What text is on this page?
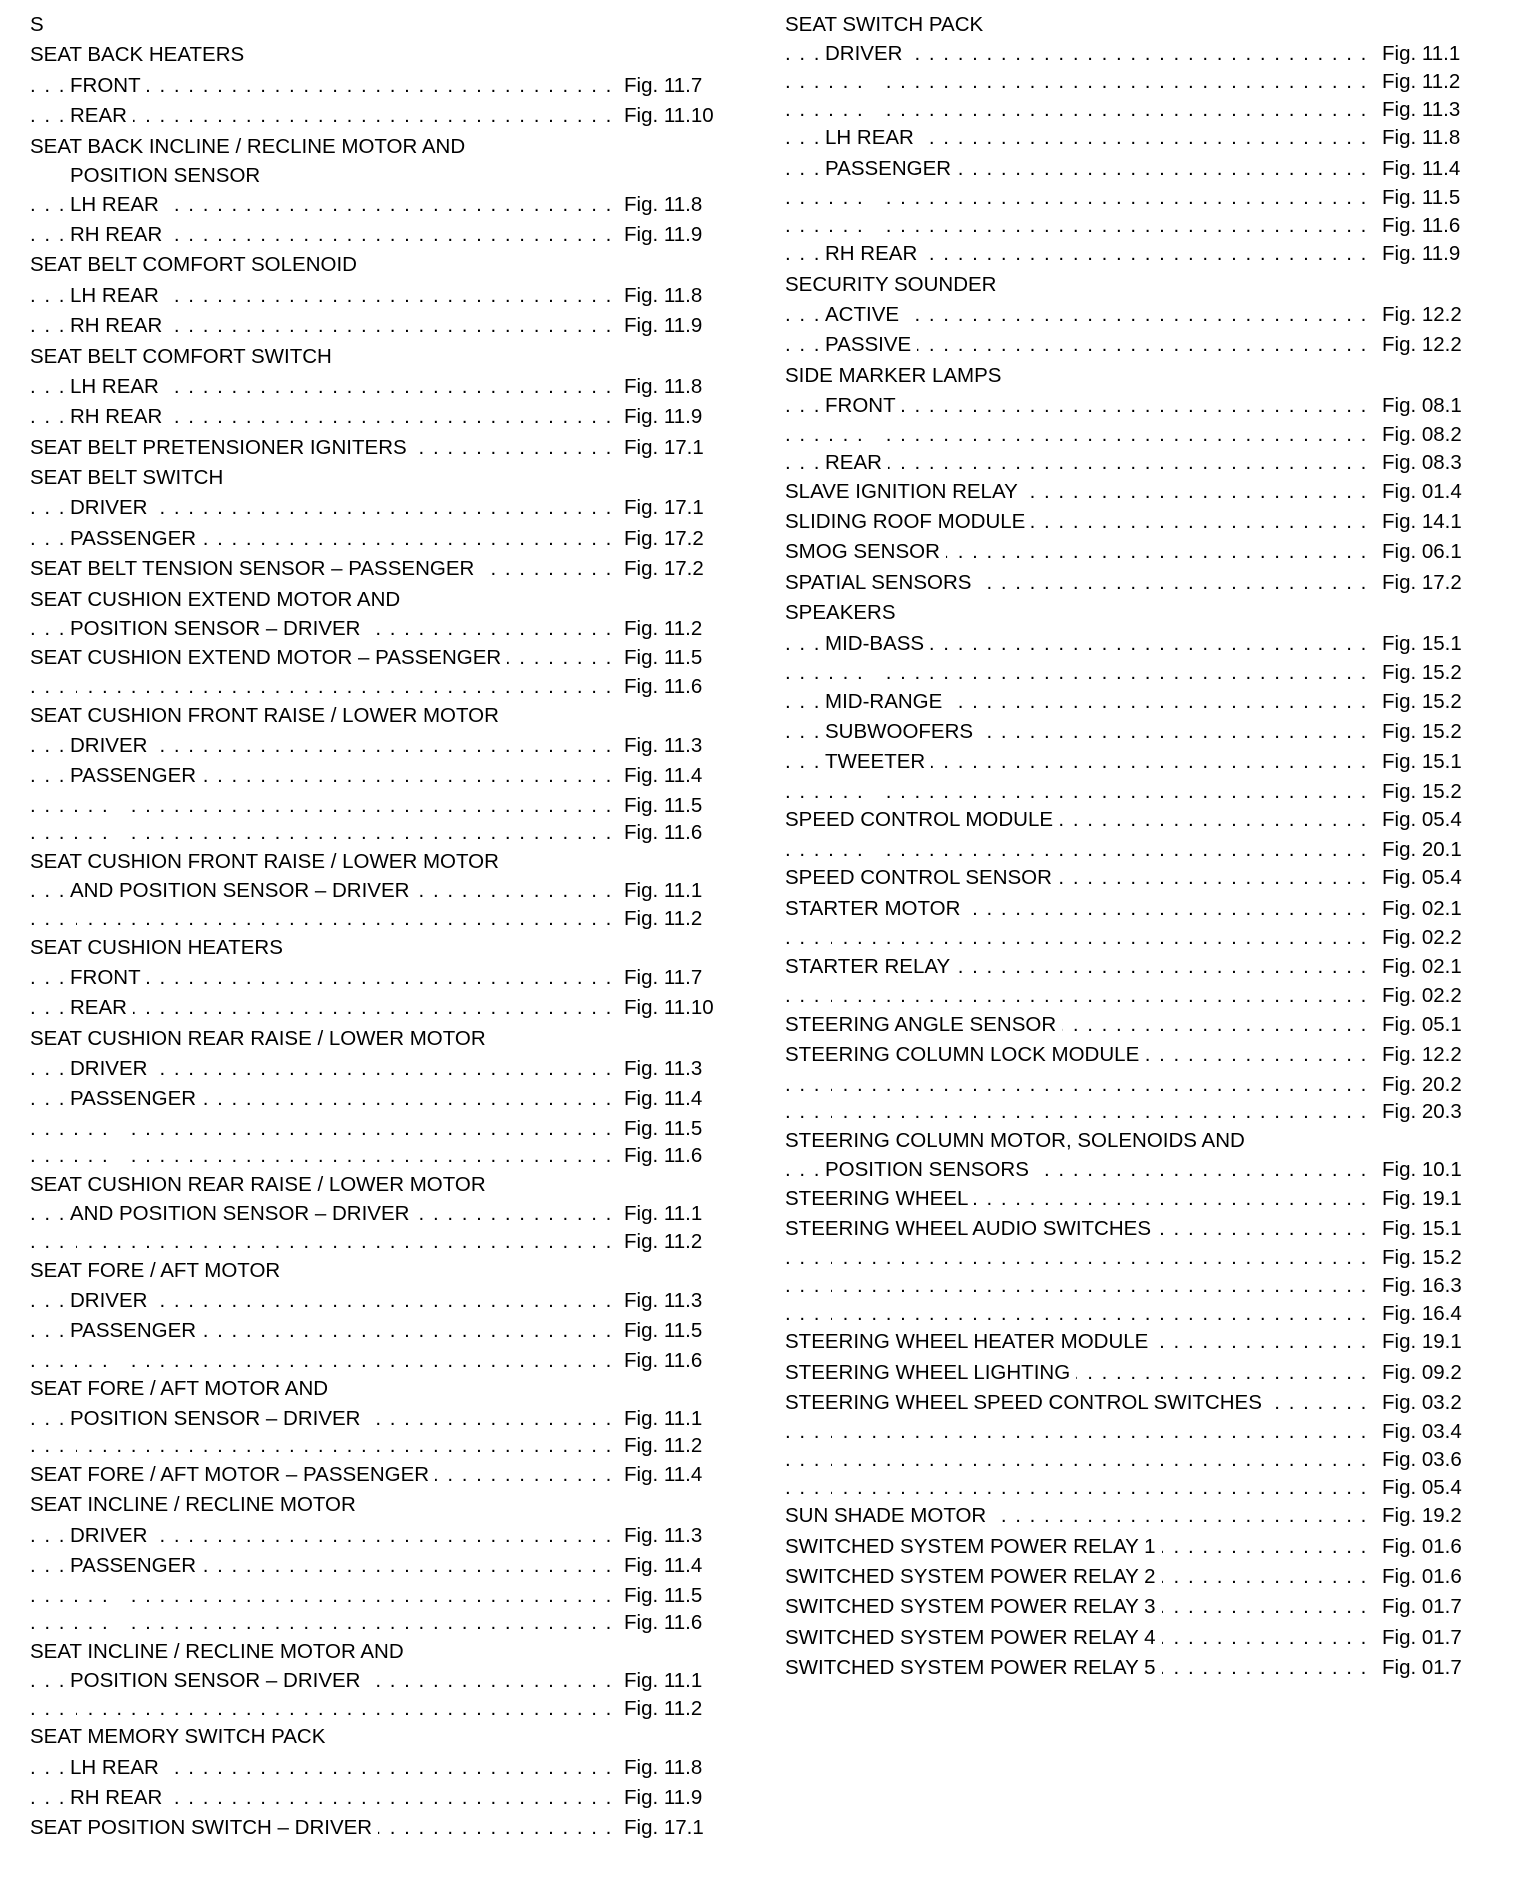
S
SEAT BACK HEATERS
FRONT	Fig. 11.7
. . .
REAR	Fig. 11.10
. . .
SEAT BACK INCLINE / RECLINE MOTOR AND
POSITION SENSOR
LH REAR	Fig. 11.8
. . .
RH REAR	Fig. 11.9
. . .
SEAT BELT COMFORT SOLENOID
LH REAR	Fig. 11.8
. . .
RH REAR	Fig. 11.9
. . .
SEAT BELT COMFORT SWITCH
LH REAR	Fig. 11.8
. . .
RH REAR	Fig. 11.9
. . .
SEAT BELT PRETENSIONER IGNITERS	Fig. 17.1
. . .
SEAT BELT SWITCH
DRIVER	Fig. 17.1
. . .
PASSENGER	Fig. 17.2
. . .
SEAT BELT TENSION SENSOR – PASSENGER	Fig. 17.2
. . .
SEAT CUSHION EXTEND MOTOR AND
POSITION SENSOR – DRIVER	Fig. 11.2
. . .
SEAT CUSHION EXTEND MOTOR – PASSENGER	Fig. 11.5
. . .
Fig. 11.6
. . .
SEAT CUSHION FRONT RAISE / LOWER MOTOR
DRIVER	Fig. 11.3
. . .
PASSENGER	Fig. 11.4
. . .
Fig. 11.5
. . .
Fig. 11.6
. . .
SEAT CUSHION FRONT RAISE / LOWER MOTOR
AND POSITION SENSOR – DRIVER	Fig. 11.1
. . .
Fig. 11.2
. . .
SEAT CUSHION HEATERS
FRONT	Fig. 11.7
. . .
REAR	Fig. 11.10
. . .
SEAT CUSHION REAR RAISE / LOWER MOTOR
DRIVER	Fig. 11.3
. . .
PASSENGER	Fig. 11.4
. . .
Fig. 11.5
. . .
Fig. 11.6
. . .
SEAT CUSHION REAR RAISE / LOWER MOTOR
AND POSITION SENSOR – DRIVER	Fig. 11.1
. . .
Fig. 11.2
. . .
SEAT FORE / AFT MOTOR
DRIVER	Fig. 11.3
. . .
PASSENGER	Fig. 11.5
. . .
Fig. 11.6
. . .
SEAT FORE / AFT MOTOR AND
POSITION SENSOR – DRIVER	Fig. 11.1
. . .
Fig. 11.2
. . .
SEAT FORE / AFT MOTOR – PASSENGER	Fig. 11.4
. . .
SEAT INCLINE / RECLINE MOTOR
DRIVER	Fig. 11.3
. . .
PASSENGER	Fig. 11.4
. . .
Fig. 11.5
. . .
Fig. 11.6
. . .
SEAT INCLINE / RECLINE MOTOR AND
POSITION SENSOR – DRIVER	Fig. 11.1
. . .
Fig. 11.2
. . .
SEAT MEMORY SWITCH PACK
LH REAR	Fig. 11.8
. . .
RH REAR	Fig. 11.9
. . .
SEAT POSITION SWITCH – DRIVER	Fig. 17.1
. . .
SEAT SWITCH PACK
DRIVER	Fig. 11.1
. . .
Fig. 11.2
. . .
Fig. 11.3
. . .
LH REAR	Fig. 11.8
. . .
PASSENGER	Fig. 11.4
. . .
Fig. 11.5
. . .
Fig. 11.6
. . .
RH REAR	Fig. 11.9
. . .
SECURITY SOUNDER
ACTIVE	Fig. 12.2
. . .
PASSIVE	Fig. 12.2
. . .
SIDE MARKER LAMPS
FRONT	Fig. 08.1
. . .
Fig. 08.2
. . .
REAR	Fig. 08.3
. . .
SLAVE IGNITION RELAY	Fig. 01.4
. . .
SLIDING ROOF MODULE	Fig. 14.1
. . .
SMOG SENSOR	Fig. 06.1
. . .
SPATIAL SENSORS	Fig. 17.2
. . .
SPEAKERS
MID-BASS	Fig. 15.1
. . .
Fig. 15.2
. . .
MID-RANGE	Fig. 15.2
. . .
SUBWOOFERS	Fig. 15.2
. . .
TWEETER	Fig. 15.1
. . .
Fig. 15.2
. . .
SPEED CONTROL MODULE	Fig. 05.4
. . .
Fig. 20.1
. . .
SPEED CONTROL SENSOR	Fig. 05.4
. . .
STARTER MOTOR	Fig. 02.1
. . .
Fig. 02.2
. . .
STARTER RELAY	Fig. 02.1
. . .
Fig. 02.2
. . .
STEERING ANGLE SENSOR	Fig. 05.1
. . .
STEERING COLUMN LOCK MODULE	Fig. 12.2
. . .
Fig. 20.2
. . .
Fig. 20.3
. . .
STEERING COLUMN MOTOR, SOLENOIDS AND
POSITION SENSORS	Fig. 10.1
. . .
STEERING WHEEL	Fig. 19.1
. . .
STEERING WHEEL AUDIO SWITCHES	Fig. 15.1
. . .
Fig. 15.2
. . .
Fig. 16.3
. . .
Fig. 16.4
. . .
STEERING WHEEL HEATER MODULE	Fig. 19.1
. . .
STEERING WHEEL LIGHTING	Fig. 09.2
. . .
STEERING WHEEL SPEED CONTROL SWITCHES	Fig. 03.2
. . .
Fig. 03.4
. . .
Fig. 03.6
. . .
Fig. 05.4
. . .
SUN SHADE MOTOR	Fig. 19.2
. . .
SWITCHED SYSTEM POWER RELAY 1	Fig. 01.6
. . .
SWITCHED SYSTEM POWER RELAY 2	Fig. 01.6
. . .
SWITCHED SYSTEM POWER RELAY 3	Fig. 01.7
. . .
SWITCHED SYSTEM POWER RELAY 4	Fig. 01.7
. . .
SWITCHED SYSTEM POWER RELAY 5	Fig. 01.7
. . .
